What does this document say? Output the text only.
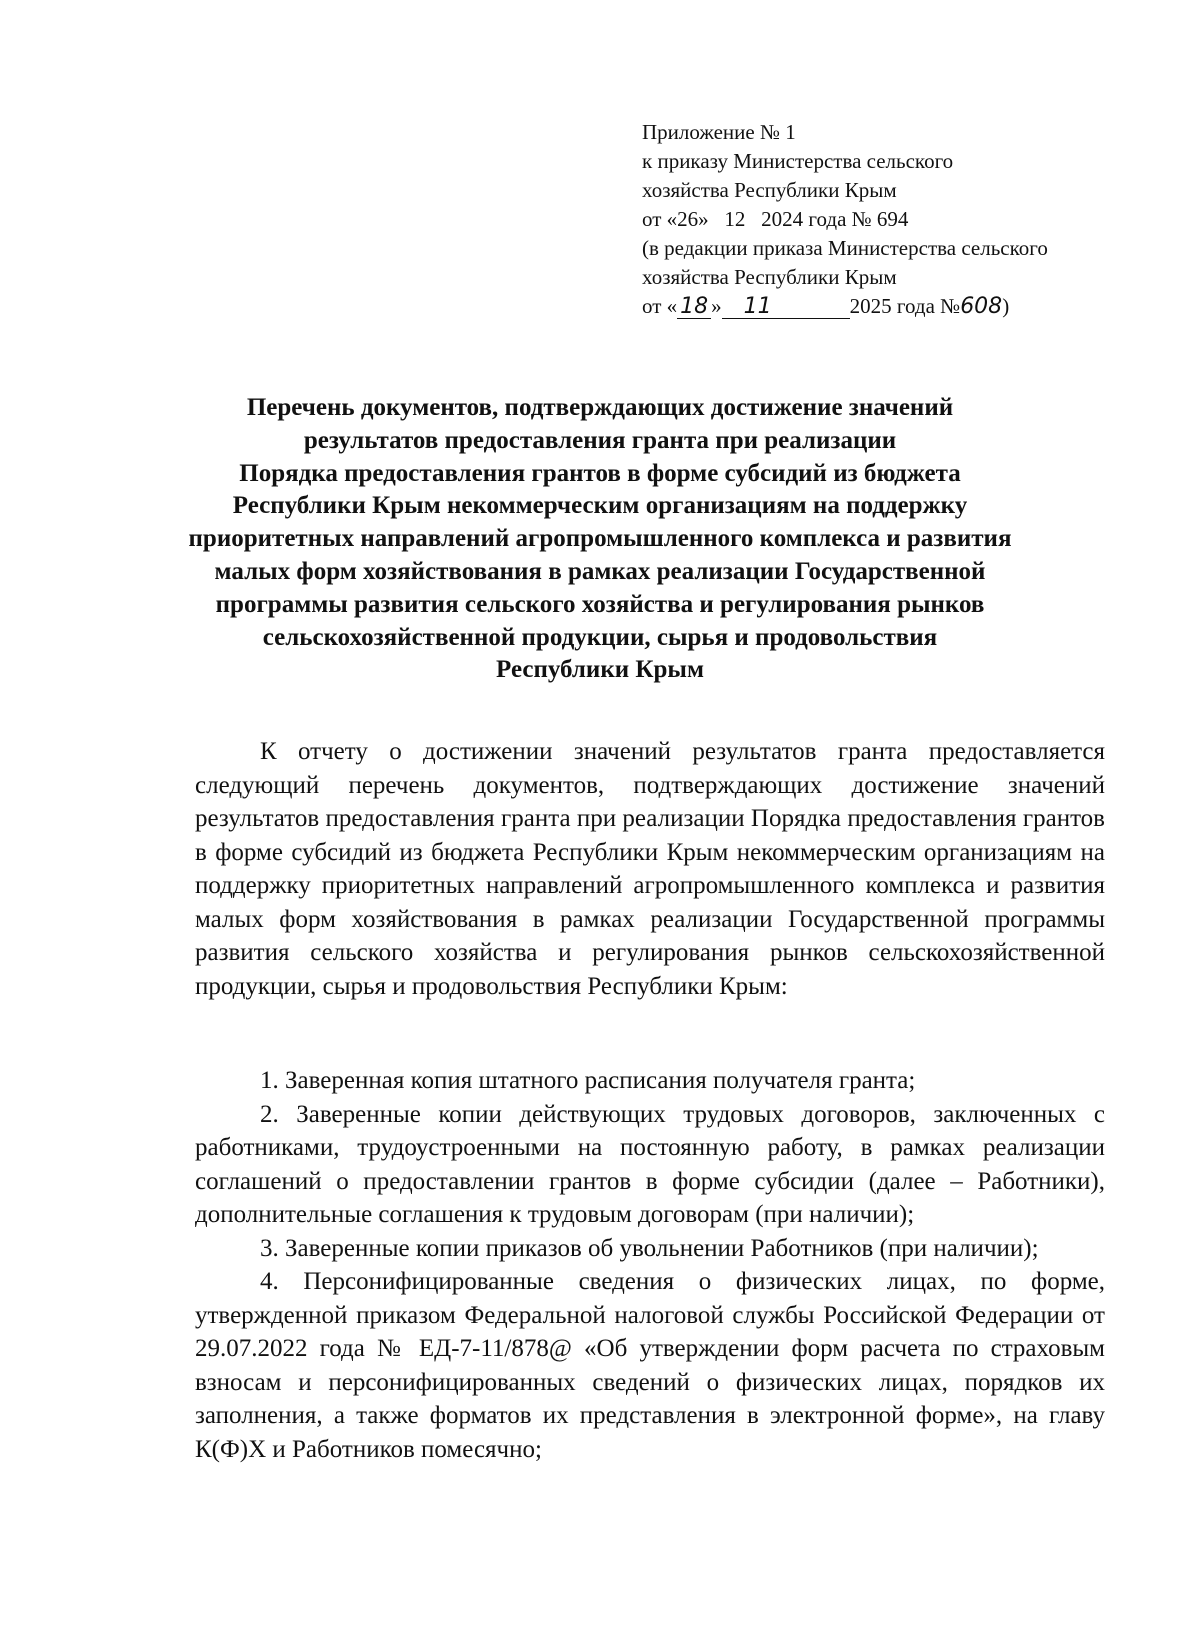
Приложение № 1
к приказу Министерства сельского
хозяйства Республики Крым
от «26»   12   2024 года № 694
(в редакции приказа Министерства сельского
хозяйства Республики Крым
от « 18 » 11	2025 года №608)
Перечень документов, подтверждающих достижение значений
результатов предоставления гранта при реализации
Порядка предоставления грантов в форме субсидий из бюджета
Республики Крым некоммерческим организациям на поддержку
приоритетных направлений агропромышленного комплекса и развития
малых форм хозяйствования в рамках реализации Государственной
программы развития сельского хозяйства и регулирования рынков
сельскохозяйственной продукции, сырья и продовольствия
Республики Крым
К отчету о достижении значений результатов гранта предоставляется следующий перечень документов, подтверждающих достижение значений результатов предоставления гранта при реализации Порядка предоставления грантов в форме субсидий из бюджета Республики Крым некоммерческим организациям на поддержку приоритетных направлений агропромышленного комплекса и развития малых форм хозяйствования в рамках реализации Государственной программы развития сельского хозяйства и регулирования рынков сельскохозяйственной продукции, сырья и продовольствия Республики Крым:

1. Заверенная копия штатного расписания получателя гранта;

2. Заверенные копии действующих трудовых договоров, заключенных с работниками, трудоустроенными на постоянную работу, в рамках реализации соглашений о предоставлении грантов в форме субсидии (далее – Работники), дополнительные соглашения к трудовым договорам (при наличии);

3. Заверенные копии приказов об увольнении Работников (при наличии);

4. Персонифицированные сведения о физических лицах, по форме, утвержденной приказом Федеральной налоговой службы Российской Федерации от 29.07.2022 года № ЕД-7-11/878@ «Об утверждении форм расчета по страховым взносам и персонифицированных сведений о физических лицах, порядков их заполнения, а также форматов их представления в электронной форме», на главу К(Ф)Х и Работников помесячно;
